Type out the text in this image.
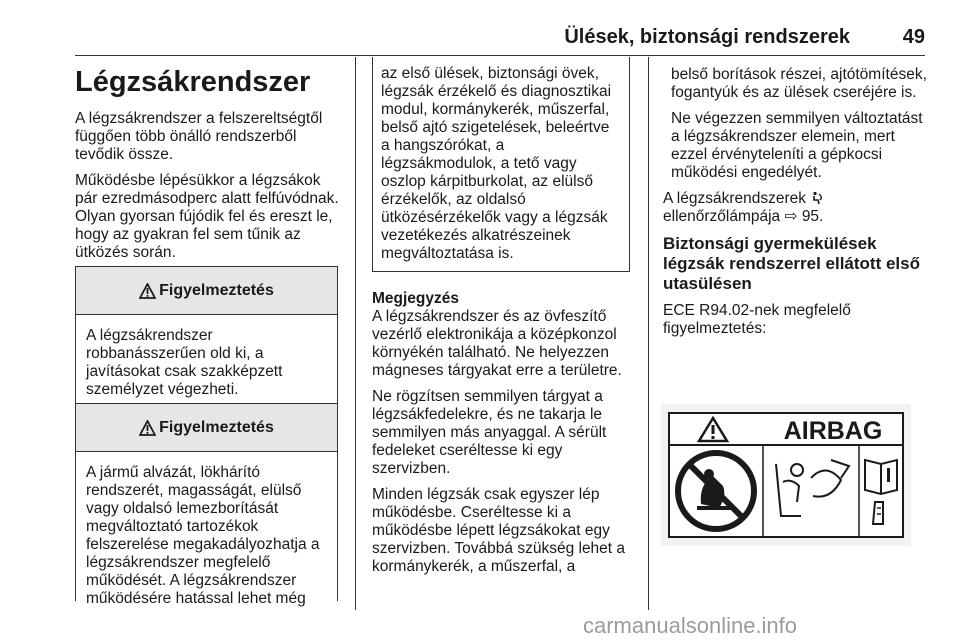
Ülések, biztonsági rendszerek	49
Légzsákrendszer

A légzsákrendszer a felszereltségtől függően több önálló rendszerből tevődik össze.

Működésbe lépésükkor a légzsákok pár ezredmásodperc alatt felfúvódnak. Olyan gyorsan fújódik fel és ereszt le, hogy az gyakran fel sem tűnik az ütközés során.

Figyelmeztetés
A légzsákrendszer robbanásszerűen old ki, a javításokat csak szakképzett személyzet végezheti.
Figyelmeztetés
A jármű alvázát, lökhárító rendszerét, magasságát, elülső vagy oldalsó lemezborítását megváltoztató tartozékok felszerelése megakadályozhatja a légzsákrendszer megfelelő működését. A légzsákrendszer működésére hatással lehet még
az első ülések, biztonsági övek, légzsák érzékelő és diagnosztikai modul, kormánykerék, műszerfal, belső ajtó szigetelések, beleértve a hangszórókat, a légzsákmodulok, a tető vagy oszlop kárpitburkolat, az elülső érzékelők, az oldalsó ütközésérzékelők vagy a légzsák vezetékezés alkatrészeinek megváltoztatása is.
Megjegyzés

A légzsákrendszer és az övfeszítő vezérlő elektronikája a középkonzol környékén található. Ne helyezzen mágneses tárgyakat erre a területre.

Ne rögzítsen semmilyen tárgyat a légzsákfedelekre, és ne takarja le semmilyen más anyaggal. A sérült fedeleket cseréltesse ki egy szervizben.

Minden légzsák csak egyszer lép működésbe. Cseréltesse ki a működésbe lépett légzsákokat egy szervizben. Továbbá szükség lehet a kormánykerék, a műszerfal, a

belső borítások részei, ajtótömítések, fogantyúk és az ülések cseréjére is.

Ne végezzen semmilyen változtatást a légzsákrendszer elemein, mert ezzel érvényteleníti a gépkocsi működési engedélyét.

A légzsákrendszerek
ellenőrzőlámpája ⇨ 95.

Biztonsági gyermekülések légzsák rendszerrel ellátott első utasülésen

ECE R94.02-nek megfelelő figyelmeztetés:

AIRBAG
carmanualsonline.info
